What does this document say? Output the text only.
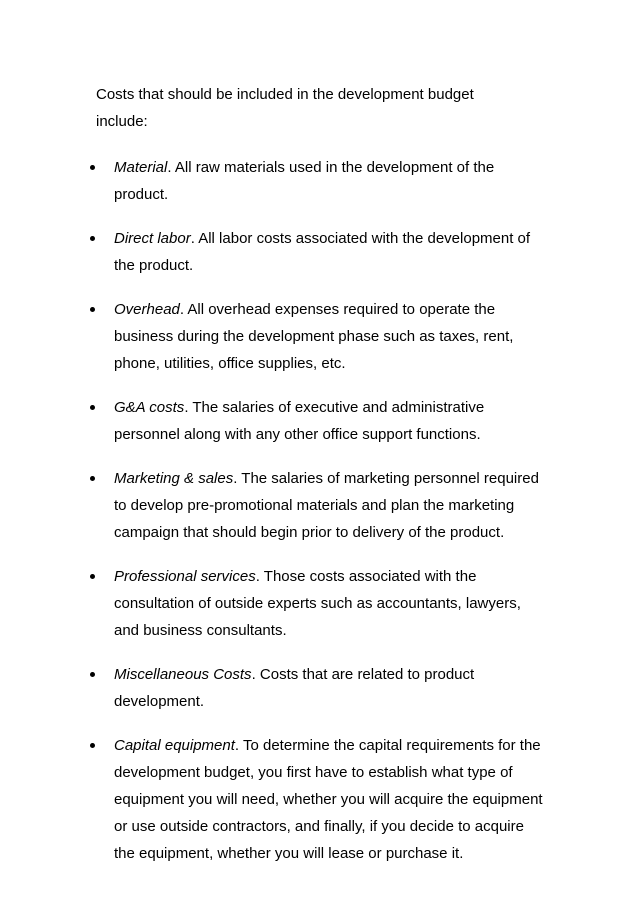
Costs that should be included in the development budget include:

Material. All raw materials used in the development of the product.
Direct labor. All labor costs associated with the development of the product.
Overhead. All overhead expenses required to operate the business during the development phase such as taxes, rent, phone, utilities, office supplies, etc.
G&A costs. The salaries of executive and administrative personnel along with any other office support functions.
Marketing & sales. The salaries of marketing personnel required to develop pre-promotional materials and plan the marketing campaign that should begin prior to delivery of the product.
Professional services. Those costs associated with the consultation of outside experts such as accountants, lawyers, and business consultants.
Miscellaneous Costs. Costs that are related to product development.
Capital equipment. To determine the capital requirements for the development budget, you first have to establish what type of equipment you will need, whether you will acquire the equipment or use outside contractors, and finally, if you decide to acquire the equipment, whether you will lease or purchase it.
